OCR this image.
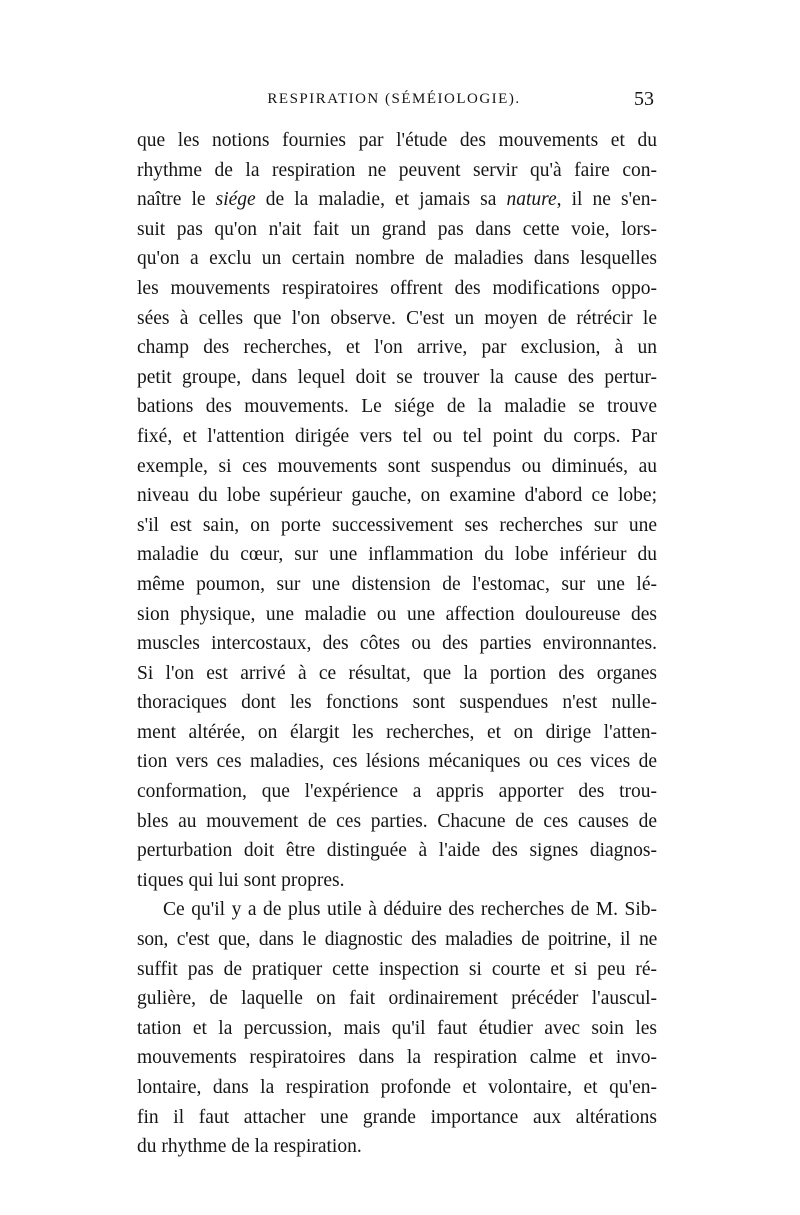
RESPIRATION (SÉMÉIOLOGIE).	53
que les notions fournies par l'étude des mouvements et du
rhythme de la respiration ne peuvent servir qu'à faire con-
naître le siége de la maladie, et jamais sa nature, il ne s'en-
suit pas qu'on n'ait fait un grand pas dans cette voie, lors-
qu'on a exclu un certain nombre de maladies dans lesquelles
les mouvements respiratoires offrent des modifications oppo-
sées à celles que l'on observe. C'est un moyen de rétrécir le
champ des recherches, et l'on arrive, par exclusion, à un
petit groupe, dans lequel doit se trouver la cause des pertur-
bations des mouvements. Le siége de la maladie se trouve
fixé, et l'attention dirigée vers tel ou tel point du corps. Par
exemple, si ces mouvements sont suspendus ou diminués, au
niveau du lobe supérieur gauche, on examine d'abord ce lobe;
s'il est sain, on porte successivement ses recherches sur une
maladie du cœur, sur une inflammation du lobe inférieur du
même poumon, sur une distension de l'estomac, sur une lé-
sion physique, une maladie ou une affection douloureuse des
muscles intercostaux, des côtes ou des parties environnantes.
Si l'on est arrivé à ce résultat, que la portion des organes
thoraciques dont les fonctions sont suspendues n'est nulle-
ment altérée, on élargit les recherches, et on dirige l'atten-
tion vers ces maladies, ces lésions mécaniques ou ces vices de
conformation, que l'expérience a appris apporter des trou-
bles au mouvement de ces parties. Chacune de ces causes de
perturbation doit être distinguée à l'aide des signes diagnos-
tiques qui lui sont propres.
Ce qu'il y a de plus utile à déduire des recherches de M. Sib-
son, c'est que, dans le diagnostic des maladies de poitrine, il ne
suffit pas de pratiquer cette inspection si courte et si peu ré-
gulière, de laquelle on fait ordinairement précéder l'auscul-
tation et la percussion, mais qu'il faut étudier avec soin les
mouvements respiratoires dans la respiration calme et invo-
lontaire, dans la respiration profonde et volontaire, et qu'en-
fin il faut attacher une grande importance aux altérations
du rhythme de la respiration.
